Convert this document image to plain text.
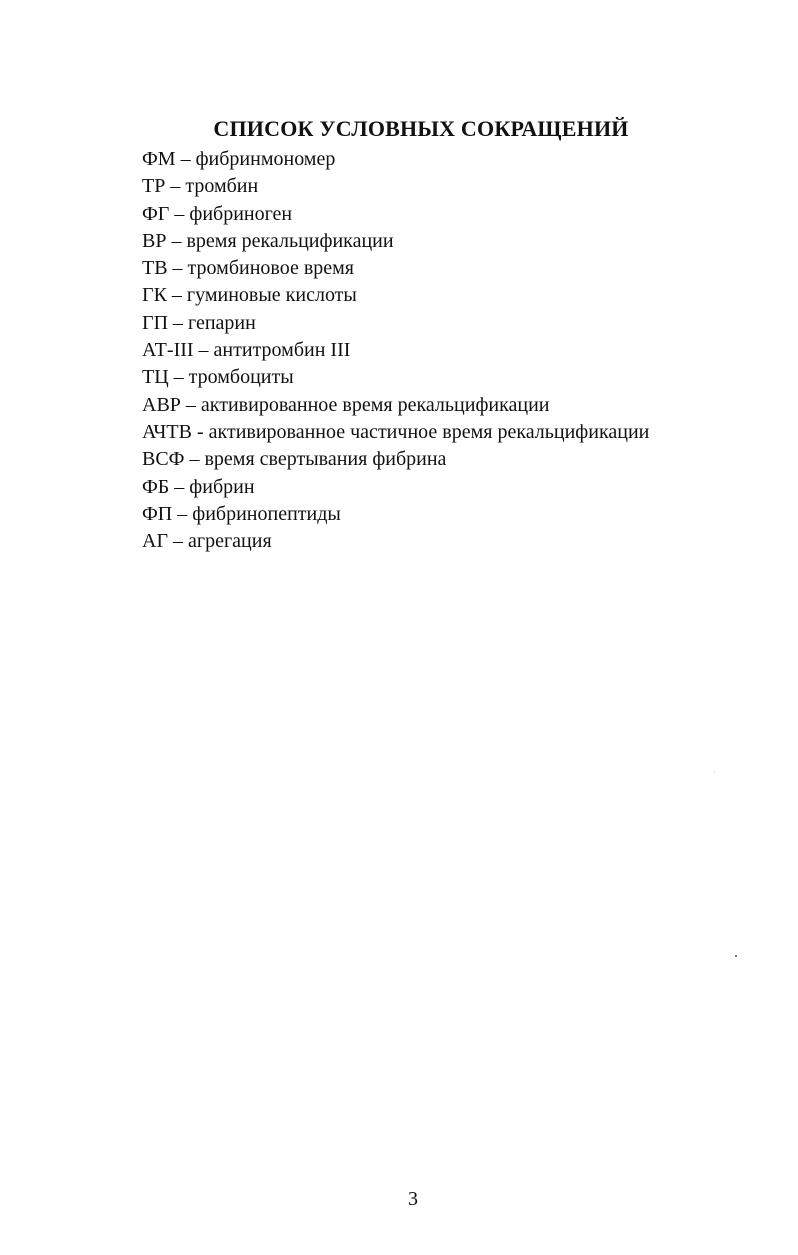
СПИСОК УСЛОВНЫХ СОКРАЩЕНИЙ
ФМ – фибринмономер
ТР – тромбин
ФГ – фибриноген
ВР – время рекальцификации
ТВ – тромбиновое время
ГК – гуминовые кислоты
ГП – гепарин
АТ-III – антитромбин III
ТЦ – тромбоциты
АВР – активированное время рекальцификации
АЧТВ - активированное частичное время рекальцификации
ВСФ – время свертывания фибрина
ФБ – фибрин
ФП – фибринопептиды
АГ – агрегация
3
